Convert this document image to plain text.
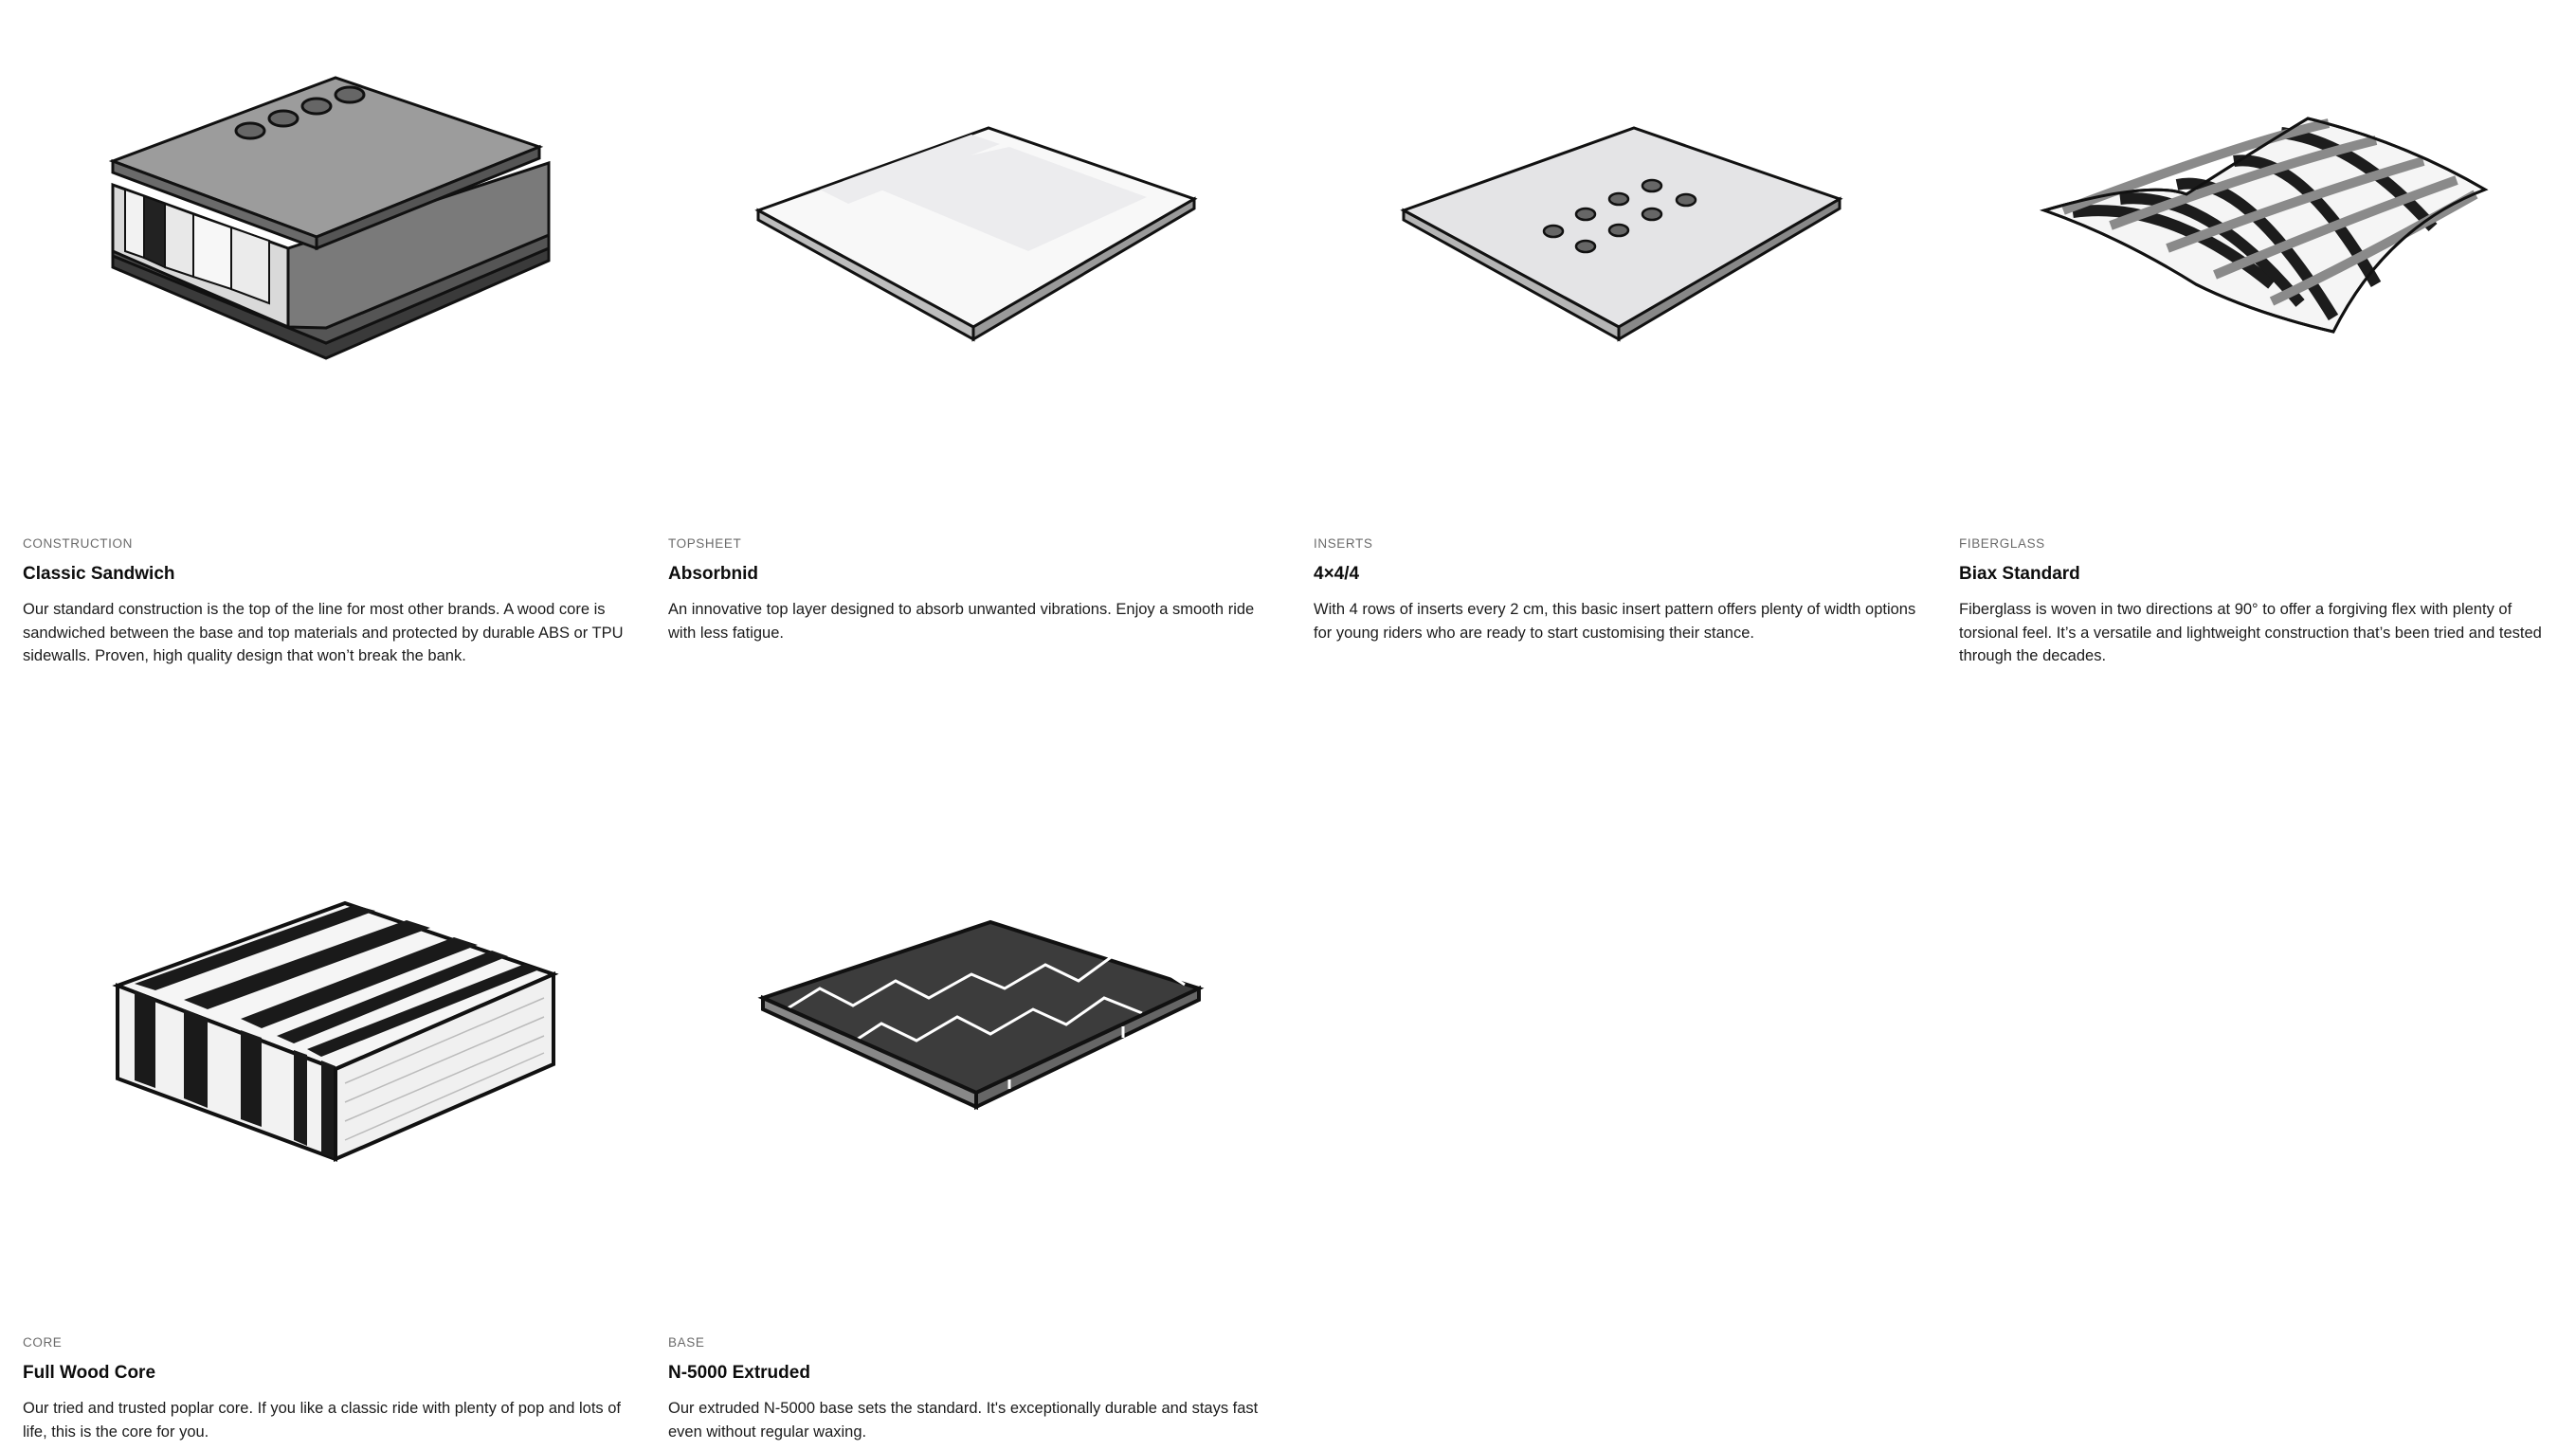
CONSTRUCTION
Classic Sandwich
Our standard construction is the top of the line for most other brands. A wood core is sandwiched between the base and top materials and protected by durable ABS or TPU sidewalls. Proven, high quality design that won’t break the bank.
TOPSHEET
Absorbnid
An innovative top layer designed to absorb unwanted vibrations. Enjoy a smooth ride with less fatigue.
INSERTS
4×4/4
With 4 rows of inserts every 2 cm, this basic insert pattern offers plenty of width options for young riders who are ready to start customising their stance.
FIBERGLASS
Biax Standard
Fiberglass is woven in two directions at 90° to offer a forgiving flex with plenty of torsional feel. It’s a versatile and lightweight construction that’s been tried and tested through the decades.
CORE
Full Wood Core
Our tried and trusted poplar core. If you like a classic ride with plenty of pop and lots of life, this is the core for you.
BASE
N-5000 Extruded
Our extruded N-5000 base sets the standard. It's exceptionally durable and stays fast even without regular waxing.
